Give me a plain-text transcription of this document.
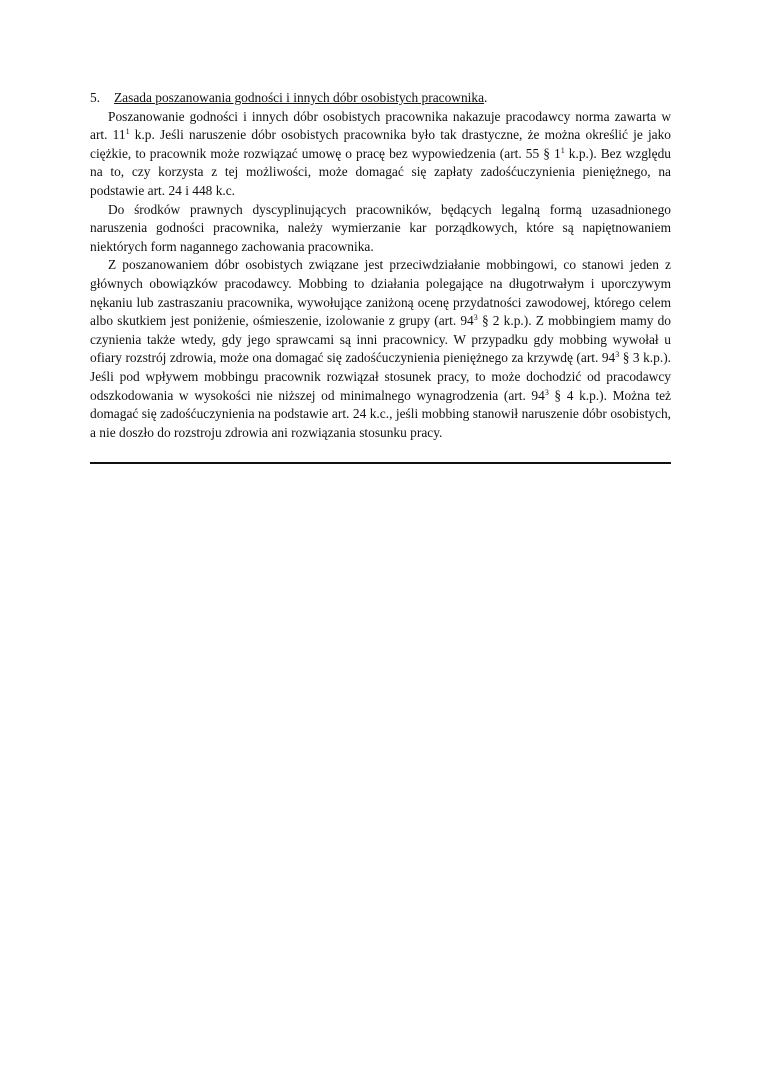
5. Zasada poszanowania godności i innych dóbr osobistych pracownika.

Poszanowanie godności i innych dóbr osobistych pracownika nakazuje pracodawcy norma zawarta w art. $11^1$ k.p. Jeśli naruszenie dóbr osobistych pracownika było tak drastyczne, że można określić je jako ciężkie, to pracownik może rozwiązać umowę o pracę bez wypowiedzenia (art. 55 § $1^1$ k.p.). Bez względu na to, czy korzysta z tej możliwości, może domagać się zapłaty zadośćuczynienia pieniężnego, na podstawie art. 24 i 448 k.c.

Do środków prawnych dyscyplinujących pracowników, będących legalną formą uzasadnionego naruszenia godności pracownika, należy wymierzanie kar porządkowych, które są napiętnowaniem niektórych form nagannego zachowania pracownika.

Z poszanowaniem dóbr osobistych związane jest przeciwdziałanie mobbingowi, co stanowi jeden z głównych obowiązków pracodawcy. Mobbing to działania polegające na długotrwałym i uporczywym nękaniu lub zastraszaniu pracownika, wywołujące zaniżoną ocenę przydatności zawodowej, którego celem albo skutkiem jest poniżenie, ośmieszenie, izolowanie z grupy (art. $94^3$ § 2 k.p.). Z mobbingiem mamy do czynienia także wtedy, gdy jego sprawcami są inni pracownicy. W przypadku gdy mobbing wywołał u ofiary rozstrój zdrowia, może ona domagać się zadośćuczynienia pieniężnego za krzywdę (art. $94^3$ § 3 k.p.). Jeśli pod wpływem mobbingu pracownik rozwiązał stosunek pracy, to może dochodzić od pracodawcy odszkodowania w wysokości nie niższej od minimalnego wynagrodzenia (art. $94^3$ § 4 k.p.). Można też domagać się zadośćuczynienia na podstawie art. 24 k.c., jeśli mobbing stanowił naruszenie dóbr osobistych, a nie doszło do rozstroju zdrowia ani rozwiązania stosunku pracy.
